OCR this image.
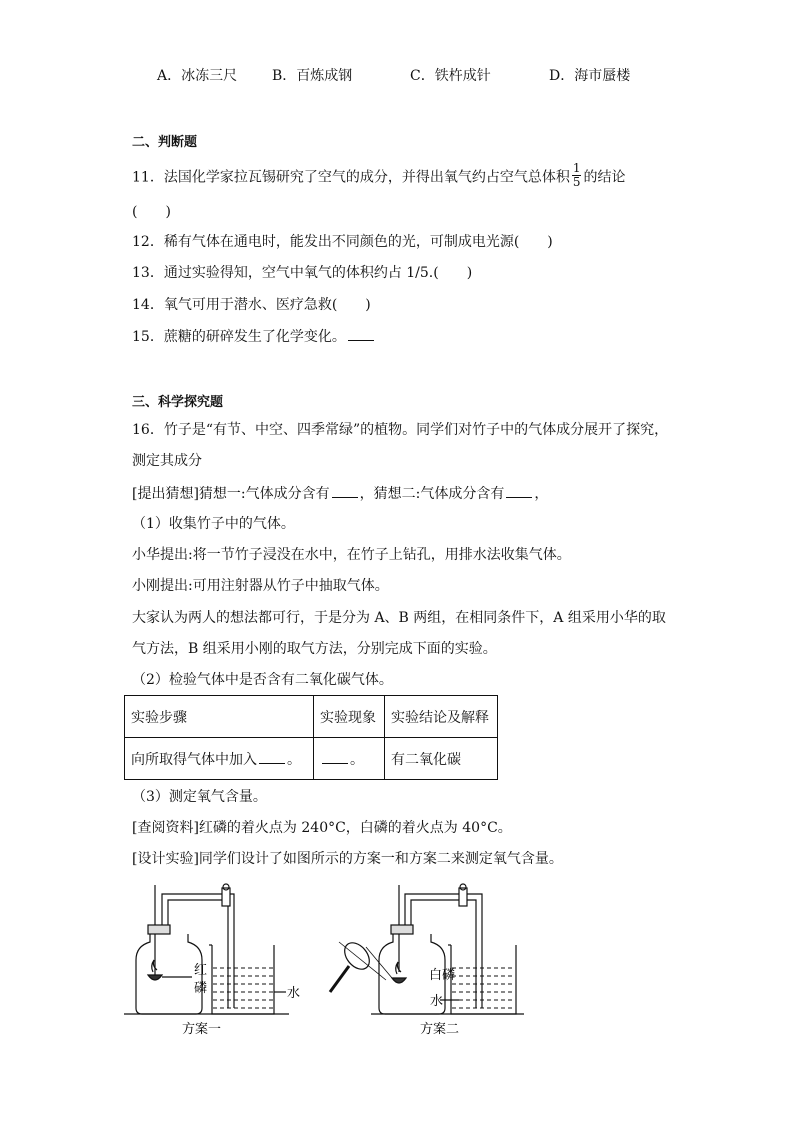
A．冰冻三尺 B．百炼成钢	C．铁杵成针	D．海市蜃楼
二、判断题
11．法国化学家拉瓦锡研究了空气的成分，并得出氧气约占空气总体积 $\frac{1}{5}$ 的结论
(　　)
12．稀有气体在通电时，能发出不同颜色的光，可制成电光源(　　)
13．通过实验得知，空气中氧气的体积约占 1/5.(　　)
14．氧气可用于潜水、医疗急救(　　)
15．蔗糖的研碎发生了化学变化。
三、科学探究题
16．竹子是“有节、中空、四季常绿”的植物。同学们对竹子中的气体成分展开了探究，
测定其成分
[提出猜想]猜想一:气体成分含有 ，猜想二:气体成分含有 ，
（1）收集竹子中的气体。
小华提出:将一节竹子浸没在水中，在竹子上钻孔，用排水法收集气体。
小刚提出:可用注射器从竹子中抽取气体。
大家认为两人的想法都可行，于是分为 A、B 两组，在相同条件下，A 组采用小华的取
气方法，B 组采用小刚的取气方法，分别完成下面的实验。
（2）检验气体中是否含有二氧化碳气体。
实验步骤	实验现象	实验结论及解释
向所取得气体中加入 。	。	有二氧化碳
（3）测定氧气含量。
[查阅资料]红磷的着火点为 240°C，白磷的着火点为 40°C。
[设计实验]同学们设计了如图所示的方案一和方案二来测定氧气含量。
红
磷	水
白磷
水
方案一	方案二
